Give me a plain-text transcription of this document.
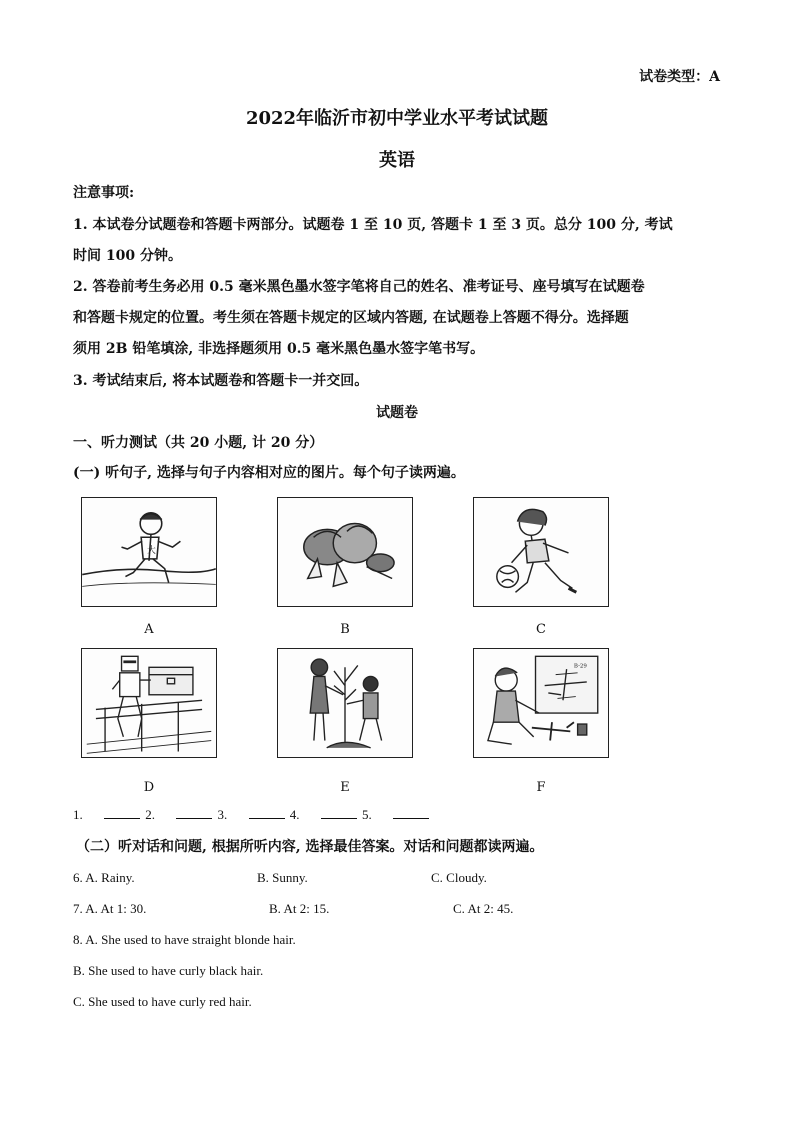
试卷类型：A
2022年临沂市初中学业水平考试试题
英语
注意事项:
1. 本试卷分试题卷和答题卡两部分。试题卷 1 至 10 页, 答题卡 1 至 3 页。总分 100 分, 考试
时间 100 分钟。
2. 答卷前考生务必用 0.5 毫米黑色墨水签字笔将自己的姓名、准考证号、座号填写在试题卷
和答题卡规定的位置。考生须在答题卡规定的区域内答题, 在试题卷上答题不得分。选择题
须用 2B 铅笔填涂, 非选择题须用 0.5 毫米黑色墨水签字笔书写。
3. 考试结束后, 将本试题卷和答题卡一并交回。
试题卷
一、听力测试（共 20 小题, 计 20 分）
(一) 听句子, 选择与句子内容相对应的图片。每个句子读两遍。
大
A	B	C
D	E
B-29
F
1.	2.	3.	4.	5.
（二）听对话和问题, 根据所听内容, 选择最佳答案。对话和问题都读两遍。
6. A. Rainy.	B. Sunny.	C. Cloudy.
7. A. At 1: 30.	B. At 2: 15.	C. At 2: 45.
8. A. She used to have straight blonde hair.
B. She used to have curly black hair.
C. She used to have curly red hair.
